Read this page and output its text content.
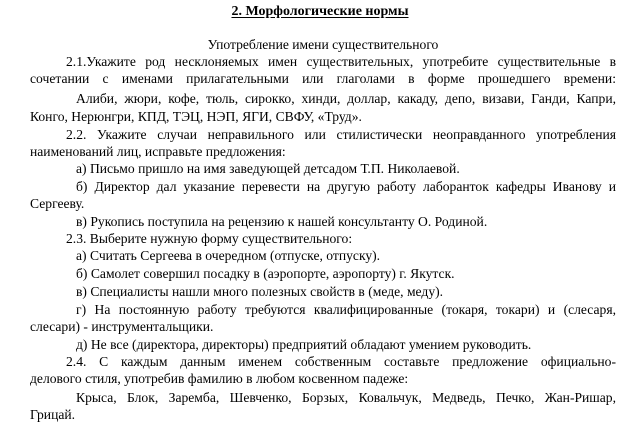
2. Морфологические нормы
Употребление имени существительного
2.1.Укажите род несклоняемых имен существительных, употребите существительные в
сочетании с именами прилагательными или глаголами в форме прошедшего времени:
Алиби, жюри, кофе, тюль, сирокко, хинди, доллар, какаду, депо, визави, Ганди, Капри,
Конго, Нерюнгри, КПД, ТЭЦ, НЭП, ЯГИ, СВФУ, «Труд».
2.2. Укажите случаи неправильного или стилистически неоправданного употребления
наименований лиц, исправьте предложения:
а) Письмо пришло на имя заведующей детсадом Т.П. Николаевой.
б) Директор дал указание перевести на другую работу лаборанток кафедры Иванову и
Сергееву.
в) Рукопись поступила на рецензию к нашей консультанту О. Родиной.
2.3. Выберите нужную форму существительного:
а) Считать Сергеева в очередном (отпуске, отпуску).
б) Самолет совершил посадку в (аэропорте, аэропорту) г. Якутск.
в) Специалисты нашли много полезных свойств в (меде, меду).
г) На постоянную работу требуются квалифицированные (токаря, токари) и (слесаря,
слесари) - инструментальщики.
д) Не все (директора, директоры) предприятий обладают умением руководить.
2.4. С каждым данным именем собственным составьте предложение официально-
делового стиля, употребив фамилию в любом косвенном падеже:
Крыса, Блок, Заремба, Шевченко, Борзых, Ковальчук, Медведь, Печко, Жан-Ришар,
Грицай.
